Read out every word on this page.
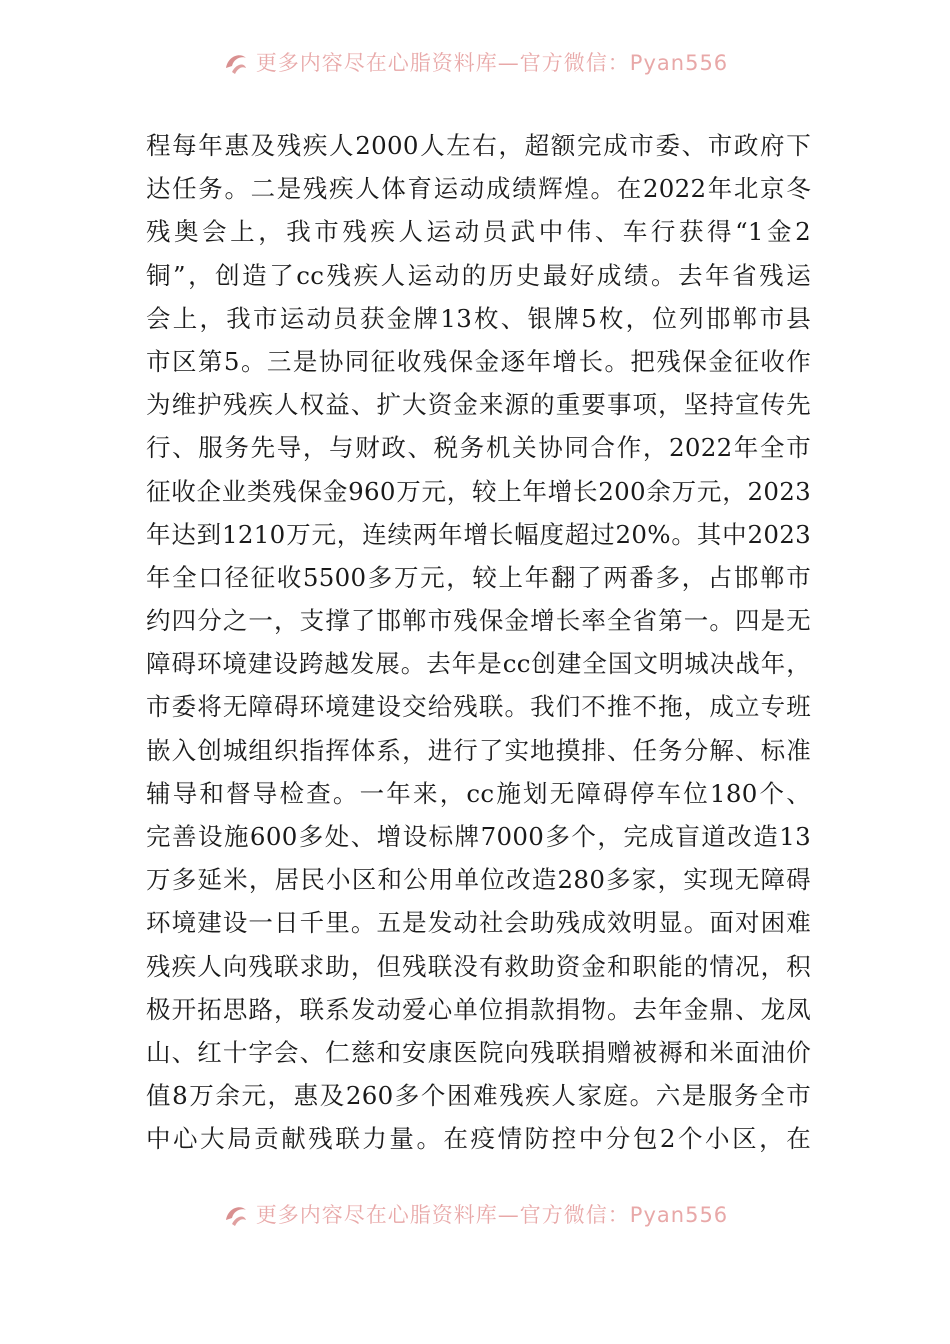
更多内容尽在心脂资料库—官方微信：Pyan556
程每年惠及残疾人2000人左右，超额完成市委、市政府下
达任务。二是残疾人体育运动成绩辉煌。在2022年北京冬
残奥会上，我市残疾人运动员武中伟、车行获得“1金2
铜”，创造了cc残疾人运动的历史最好成绩。去年省残运
会上，我市运动员获金牌13枚、银牌5枚，位列邯郸市县
市区第5。三是协同征收残保金逐年增长。把残保金征收作
为维护残疾人权益、扩大资金来源的重要事项，坚持宣传先
行、服务先导，与财政、税务机关协同合作，2022年全市
征收企业类残保金960万元，较上年增长200余万元，2023
年达到1210万元，连续两年增长幅度超过20%。其中2023
年全口径征收5500多万元，较上年翻了两番多，占邯郸市
约四分之一，支撑了邯郸市残保金增长率全省第一。四是无
障碍环境建设跨越发展。去年是cc创建全国文明城决战年，
市委将无障碍环境建设交给残联。我们不推不拖，成立专班
嵌入创城组织指挥体系，进行了实地摸排、任务分解、标准
辅导和督导检查。一年来，cc施划无障碍停车位180个、
完善设施600多处、增设标牌7000多个，完成盲道改造13
万多延米，居民小区和公用单位改造280多家，实现无障碍
环境建设一日千里。五是发动社会助残成效明显。面对困难
残疾人向残联求助，但残联没有救助资金和职能的情况，积
极开拓思路，联系发动爱心单位捐款捐物。去年金鼎、龙凤
山、红十字会、仁慈和安康医院向残联捐赠被褥和米面油价
值8万余元，惠及260多个困难残疾人家庭。六是服务全市
中心大局贡献残联力量。在疫情防控中分包2个小区，在
更多内容尽在心脂资料库—官方微信：Pyan556
